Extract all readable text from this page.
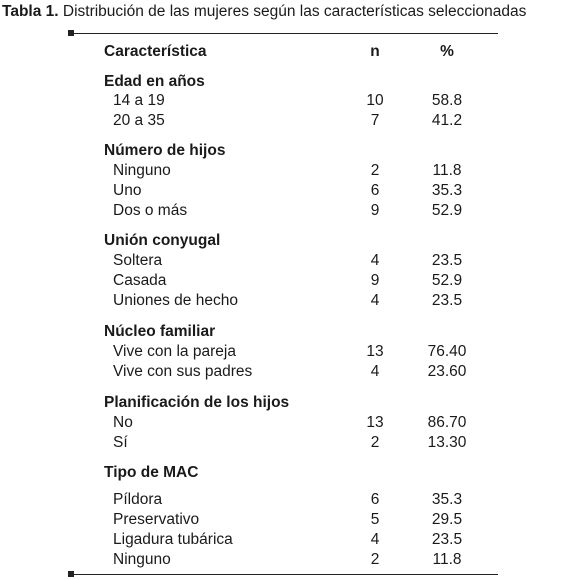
Tabla 1. Distribución de las mujeres según las características seleccionadas
Característica	n	%
Edad en años
14 a 19	10	58.8
20 a 35	7	41.2
Número de hijos
Ninguno	2	11.8
Uno	6	35.3
Dos o más	9	52.9
Unión conyugal
Soltera	4	23.5
Casada	9	52.9
Uniones de hecho	4	23.5
Núcleo familiar
Vive con la pareja	13	76.40
Vive con sus padres	4	23.60
Planificación de los hijos
No	13	86.70
Sí	2	13.30
Tipo de MAC
Píldora	6	35.3
Preservativo	5	29.5
Ligadura tubárica	4	23.5
Ninguno	2	11.8
